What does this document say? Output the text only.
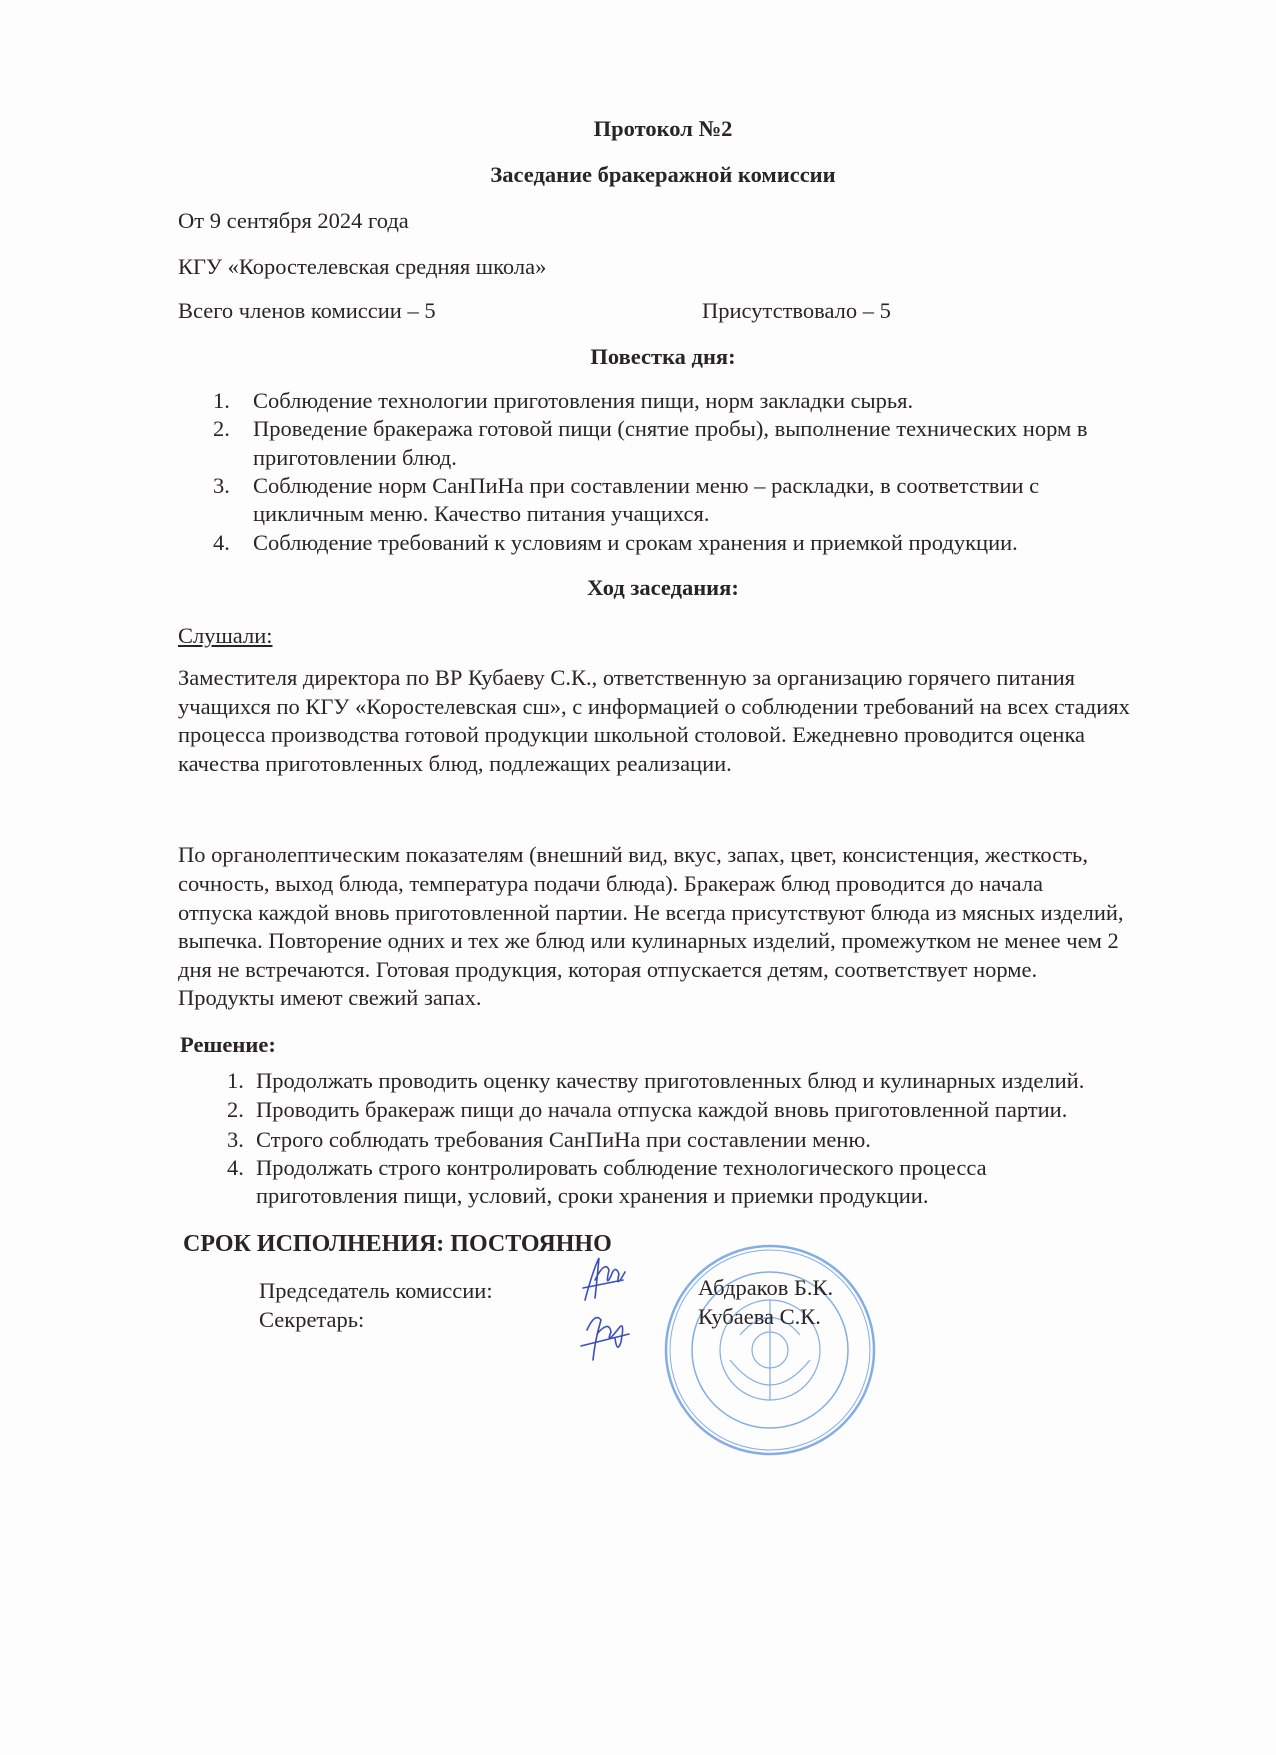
Протокол №2
Заседание бракеражной комиссии
От 9 сентября 2024 года
КГУ «Коростелевская средняя школа»
Всего членов комиссии – 5	Присутствовало – 5
Повестка дня:
1. Соблюдение технологии приготовления пищи, норм закладки сырья.
2. Проведение бракеража готовой пищи (снятие пробы), выполнение технических норм в
приготовлении блюд.
3. Соблюдение норм СанПиНа при составлении меню – раскладки, в соответствии с
цикличным меню. Качество питания учащихся.
4. Соблюдение требований к условиям и срокам хранения и приемкой продукции.
Ход заседания:
Слушали:
Заместителя директора по ВР Кубаеву С.К., ответственную за организацию горячего питания
учащихся по КГУ «Коростелевская сш», с информацией о соблюдении требований на всех стадиях
процесса производства готовой продукции школьной столовой. Ежедневно проводится оценка
качества приготовленных блюд, подлежащих реализации.
По органолептическим показателям (внешний вид, вкус, запах, цвет, консистенция, жесткость,
сочность, выход блюда, температура подачи блюда). Бракераж блюд проводится до начала
отпуска каждой вновь приготовленной партии. Не всегда присутствуют блюда из мясных изделий,
выпечка. Повторение одних и тех же блюд или кулинарных изделий, промежутком не менее чем 2
дня не встречаются. Готовая продукция, которая отпускается детям, соответствует норме.
Продукты имеют свежий запах.
Решение:
1. Продолжать проводить оценку качеству приготовленных блюд и кулинарных изделий.
2. Проводить бракераж пищи до начала отпуска каждой вновь приготовленной партии.
3. Строго соблюдать требования СанПиНа при составлении меню.
4. Продолжать строго контролировать соблюдение технологического процесса
приготовления пищи, условий, сроки хранения и приемки продукции.
СРОК ИСПОЛНЕНИЯ: ПОСТОЯННО
Председатель комиссии:	Абдраков Б.К.
Секретарь:	Кубаева С.К.
